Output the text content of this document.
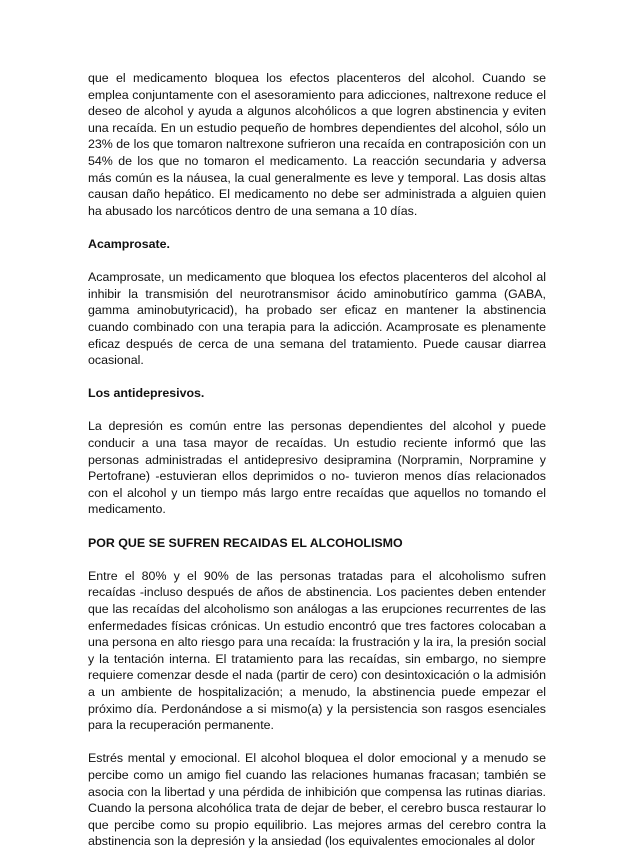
que el medicamento bloquea los efectos placenteros del alcohol. Cuando se emplea conjuntamente con el asesoramiento para adicciones, naltrexone reduce el deseo de alcohol y ayuda a algunos alcohólicos a que logren abstinencia y eviten una recaída. En un estudio pequeño de hombres dependientes del alcohol, sólo un 23% de los que tomaron naltrexone sufrieron una recaída en contraposición con un 54% de los que no tomaron el medicamento. La reacción secundaria y adversa más común es la náusea, la cual generalmente es leve y temporal. Las dosis altas causan daño hepático. El medicamento no debe ser administrada a alguien quien ha abusado los narcóticos dentro de una semana a 10 días.

Acamprosate.

Acamprosate, un medicamento que bloquea los efectos placenteros del alcohol al inhibir la transmisión del neurotransmisor ácido aminobutírico gamma (GABA, gamma aminobutyricacid), ha probado ser eficaz en mantener la abstinencia cuando combinado con una terapia para la adicción. Acamprosate es plenamente eficaz después de cerca de una semana del tratamiento. Puede causar diarrea ocasional.

Los antidepresivos.

La depresión es común entre las personas dependientes del alcohol y puede conducir a una tasa mayor de recaídas. Un estudio reciente informó que las personas administradas el antidepresivo desipramina (Norpramin, Norpramine y Pertofrane) -estuvieran ellos deprimidos o no- tuvieron menos días relacionados con el alcohol y un tiempo más largo entre recaídas que aquellos no tomando el medicamento.

POR QUE SE SUFREN RECAIDAS EL ALCOHOLISMO

Entre el 80% y el 90% de las personas tratadas para el alcoholismo sufren recaídas -incluso después de años de abstinencia. Los pacientes deben entender que las recaídas del alcoholismo son análogas a las erupciones recurrentes de las enfermedades físicas crónicas. Un estudio encontró que tres factores colocaban a una persona en alto riesgo para una recaída: la frustración y la ira, la presión social y la tentación interna. El tratamiento para las recaídas, sin embargo, no siempre requiere comenzar desde el nada (partir de cero) con desintoxicación o la admisión a un ambiente de hospitalización; a menudo, la abstinencia puede empezar el próximo día. Perdonándose a si mismo(a) y la persistencia son rasgos esenciales para la recuperación permanente.

Estrés mental y emocional. El alcohol bloquea el dolor emocional y a menudo se percibe como un amigo fiel cuando las relaciones humanas fracasan; también se asocia con la libertad y una pérdida de inhibición que compensa las rutinas diarias. Cuando la persona alcohólica trata de dejar de beber, el cerebro busca restaurar lo que percibe como su propio equilibrio. Las mejores armas del cerebro contra la abstinencia son la depresión y la ansiedad (los equivalentes emocionales al dolor
